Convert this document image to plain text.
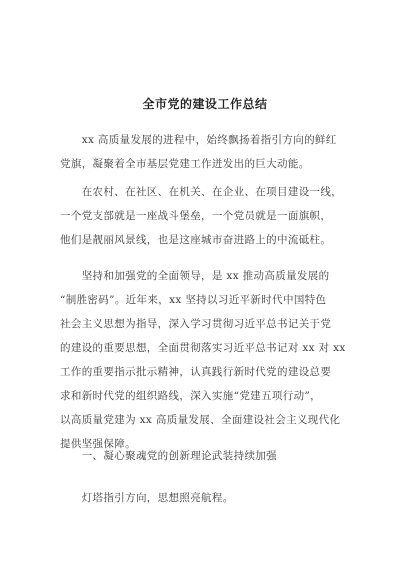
全市党的建设工作总结
　　xx 高质量发展的进程中，始终飘扬着指引方向的鲜红
党旗，凝聚着全市基层党建工作迸发出的巨大动能。
　　在农村、在社区、在机关、在企业、在项目建设一线，
一个党支部就是一座战斗堡垒，一个党员就是一面旗帜，
他们是靓丽风景线，也是这座城市奋进路上的中流砥柱。
　　坚持和加强党的全面领导，是 xx 推动高质量发展的
“制胜密码”。近年来，xx 坚持以习近平新时代中国特色
社会主义思想为指导，深入学习贯彻习近平总书记关于党
的建设的重要思想，全面贯彻落实习近平总书记对 xx 对 xx
工作的重要指示批示精神，认真践行新时代党的建设总要
求和新时代党的组织路线，深入实施“党建五项行动”，
以高质量党建为 xx 高质量发展、全面建设社会主义现代化
提供坚强保障。
　　一、凝心聚魂党的创新理论武装持续加强
　　灯塔指引方向，思想照亮航程。
